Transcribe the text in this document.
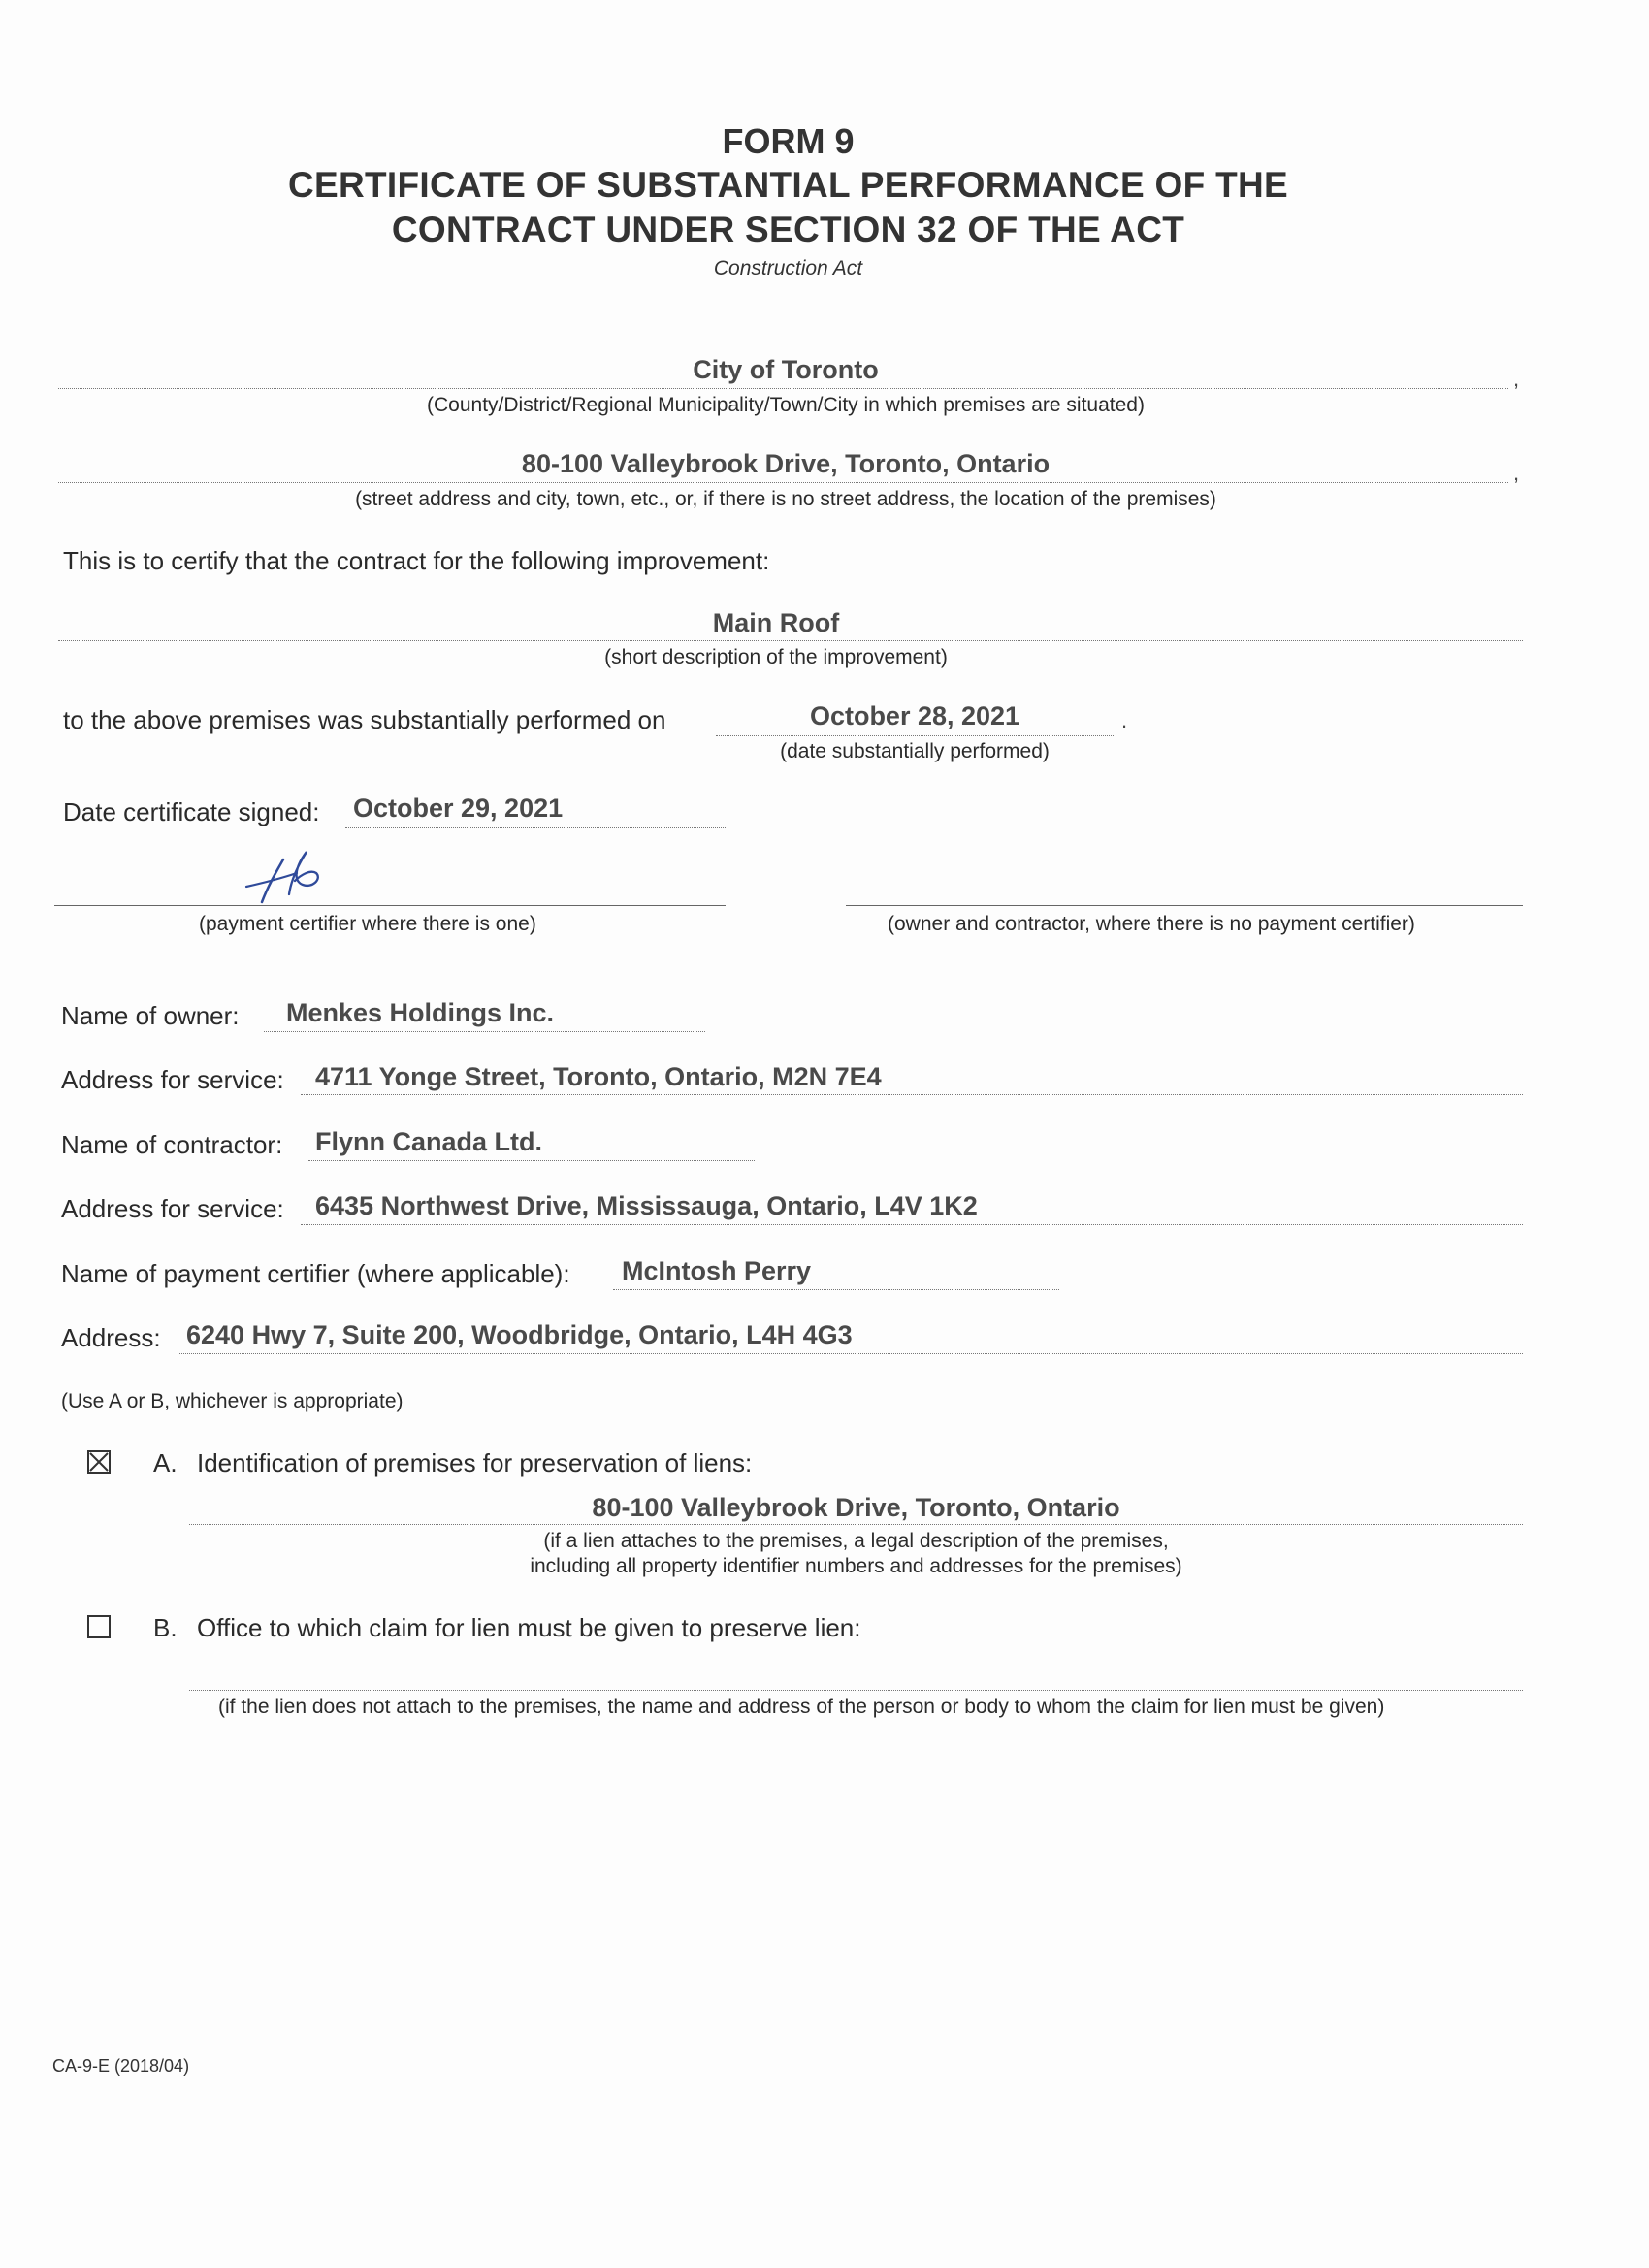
FORM 9
CERTIFICATE OF SUBSTANTIAL PERFORMANCE OF THE
CONTRACT UNDER SECTION 32 OF THE ACT
Construction Act
City of Toronto	,
(County/District/Regional Municipality/Town/City in which premises are situated)
80-100 Valleybrook Drive, Toronto, Ontario	,
(street address and city, town, etc., or, if there is no street address, the location of the premises)
This is to certify that the contract for the following improvement:
Main Roof
(short description of the improvement)
to the above premises was substantially performed on	October 28, 2021	.
(date substantially performed)
Date certificate signed: October 29, 2021
(payment certifier where there is one)	(owner and contractor, where there is no payment certifier)
Name of owner: Menkes Holdings Inc.
Address for service: 4711 Yonge Street, Toronto, Ontario, M2N 7E4
Name of contractor: Flynn Canada Ltd.
Address for service: 6435 Northwest Drive, Mississauga, Ontario, L4V 1K2
Name of payment certifier (where applicable): McIntosh Perry
Address: 6240 Hwy 7, Suite 200, Woodbridge, Ontario, L4H 4G3
(Use A or B, whichever is appropriate)
A. Identification of premises for preservation of liens:
80-100 Valleybrook Drive, Toronto, Ontario
(if a lien attaches to the premises, a legal description of the premises,
including all property identifier numbers and addresses for the premises)
B. Office to which claim for lien must be given to preserve lien:
(if the lien does not attach to the premises, the name and address of the person or body to whom the claim for lien must be given)
CA-9-E (2018/04)
